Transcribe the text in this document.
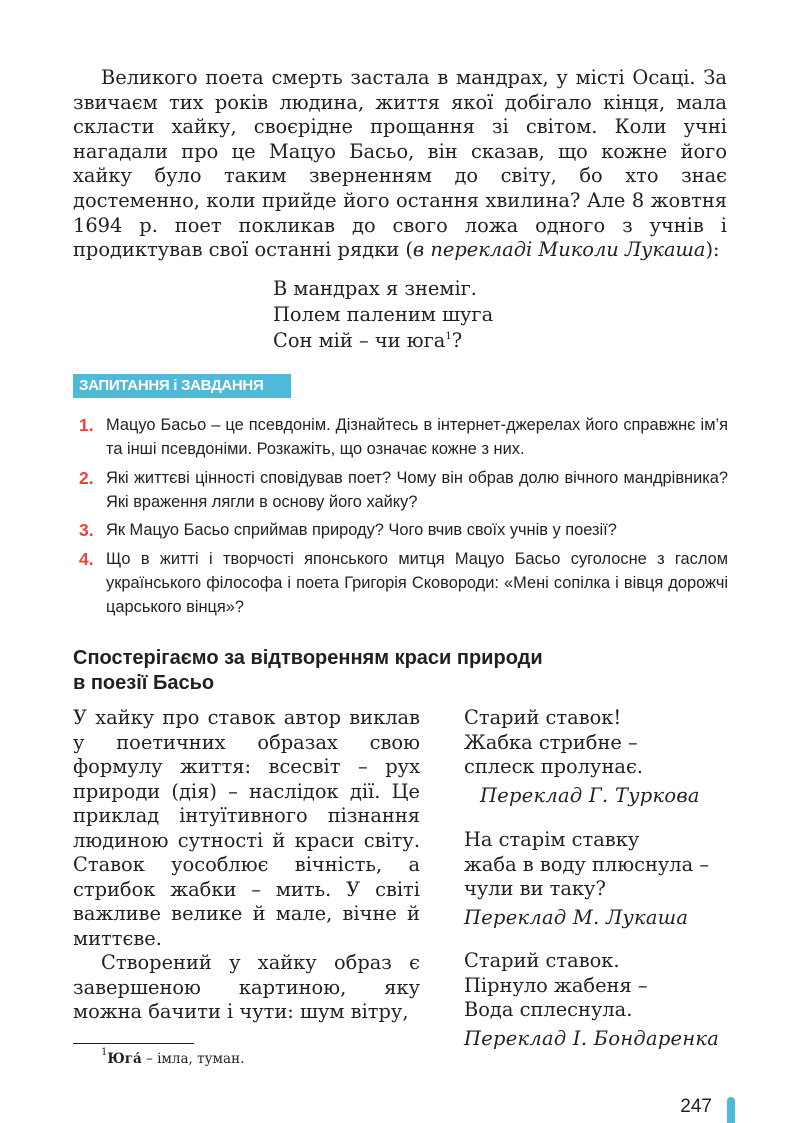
Великого поета смерть застала в мандрах, у місті Осаці. За звичаєм тих років людина, життя якої добігало кінця, мала скласти хайку, своєрідне прощання зі світом. Коли учні нагадали про це Мацуо Басьо, він сказав, що кожне його хайку було таким зверненням до світу, бо хто знає достеменно, коли прийде його остання хвилина? Але 8 жовтня 1694 р. поет покликав до свого ложа одного з учнів і продиктував свої останні рядки (в перекладі Миколи Лукаша):

В мандрах я знеміг.
Полем паленим шуга
Сон мій – чи юга$^1$?
ЗАПИТАННЯ і ЗАВДАННЯ
1. Мацуо Басьо – це псевдонім. Дізнайтесь в інтернет-джерелах його справжнє ім’я та інші псевдоніми. Розкажіть, що означає кожне з них.
2. Які життєві цінності сповідував поет? Чому він обрав долю вічного мандрівника? Які враження лягли в основу його хайку?
3. Як Мацуо Басьо сприймав природу? Чого вчив своїх учнів у поезії?
4. Що в житті і творчості японського митця Мацуо Басьо суголосне з гаслом українського філософа і поета Григорія Сковороди: «Мені сопілка і вівця дорожчі царського вінця»?
Спостерігаємо за відтворенням краси природи
в поезії Басьо

У хайку про ставок автор виклав у поетичних образах свою формулу життя: всесвіт – рух природи (дія) – наслідок дії. Це приклад інтуїтивного пізнання людиною сутності й краси світу. Ставок уособлює вічність, а стрибок жабки – мить. У світі важливе велике й мале, вічне й миттєве.

Створений у хайку образ є завершеною картиною, яку можна бачити і чути: шум вітру,

Старий ставок!
Жабка стрибне –
сплеск пролунає.
Переклад Г. Туркова
На старім ставку
жаба в воду плюснула –
чули ви таку?
Переклад М. Лукаша
Старий ставок.
Пірнуло жабеня –
Вода сплеснула.
Переклад І. Бондаренка
$^1$Юга́ – імла, туман.
247
